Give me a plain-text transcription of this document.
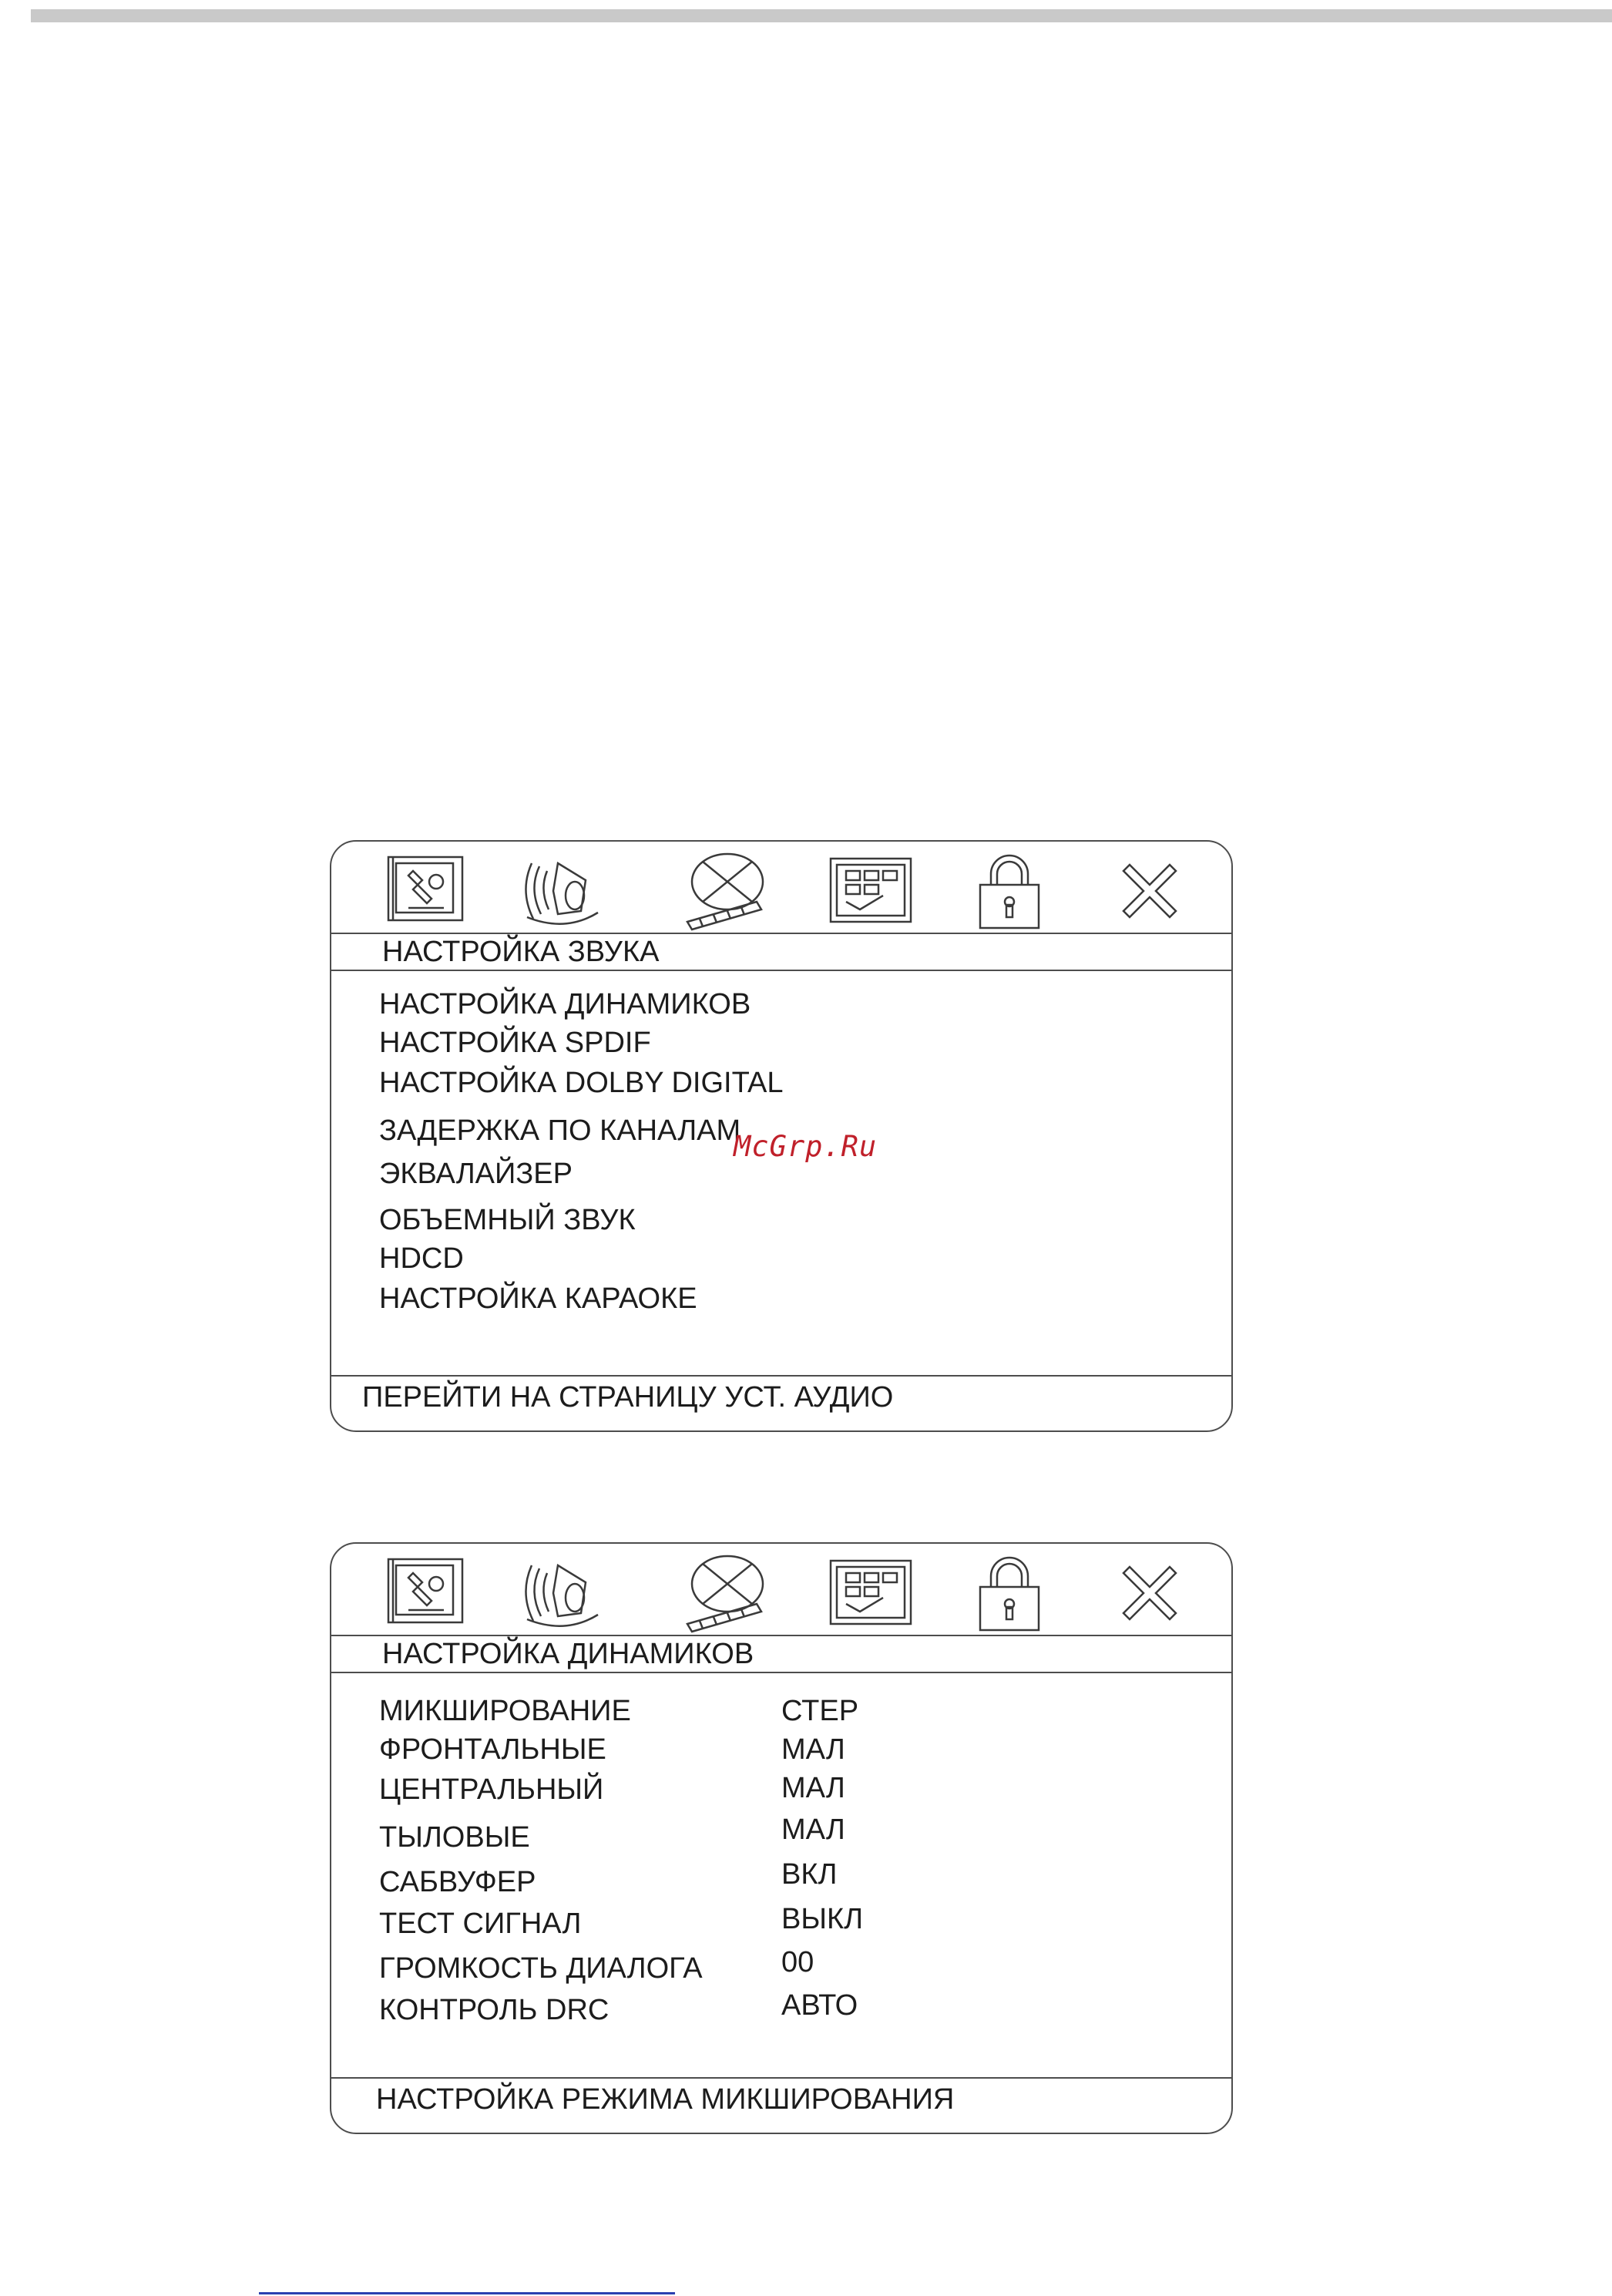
НАСТРОЙКА ЗВУКА
НАСТРОЙКА ДИНАМИКОВ
НАСТРОЙКА SPDIF
НАСТРОЙКА DOLBY DIGITAL
ЗАДЕРЖКА ПО КАНАЛАМ
ЭКВАЛАЙЗЕР
ОБЪЕМНЫЙ ЗВУК
HDCD
НАСТРОЙКА КАРАОКЕ
ПЕРЕЙТИ НА СТРАНИЦУ УСТ. АУДИО
McGrp.Ru
НАСТРОЙКА ДИНАМИКОВ
МИКШИРОВАНИЕ	СТЕР
ФРОНТАЛЬНЫЕ	МАЛ
ЦЕНТРАЛЬНЫЙ	МАЛ
ТЫЛОВЫЕ	МАЛ
САБВУФЕР	ВКЛ
ТЕСТ СИГНАЛ	ВЫКЛ
ГРОМКОСТЬ ДИАЛОГА	00
КОНТРОЛЬ DRC	АВТО
НАСТРОЙКА РЕЖИМА МИКШИРОВАНИЯ
